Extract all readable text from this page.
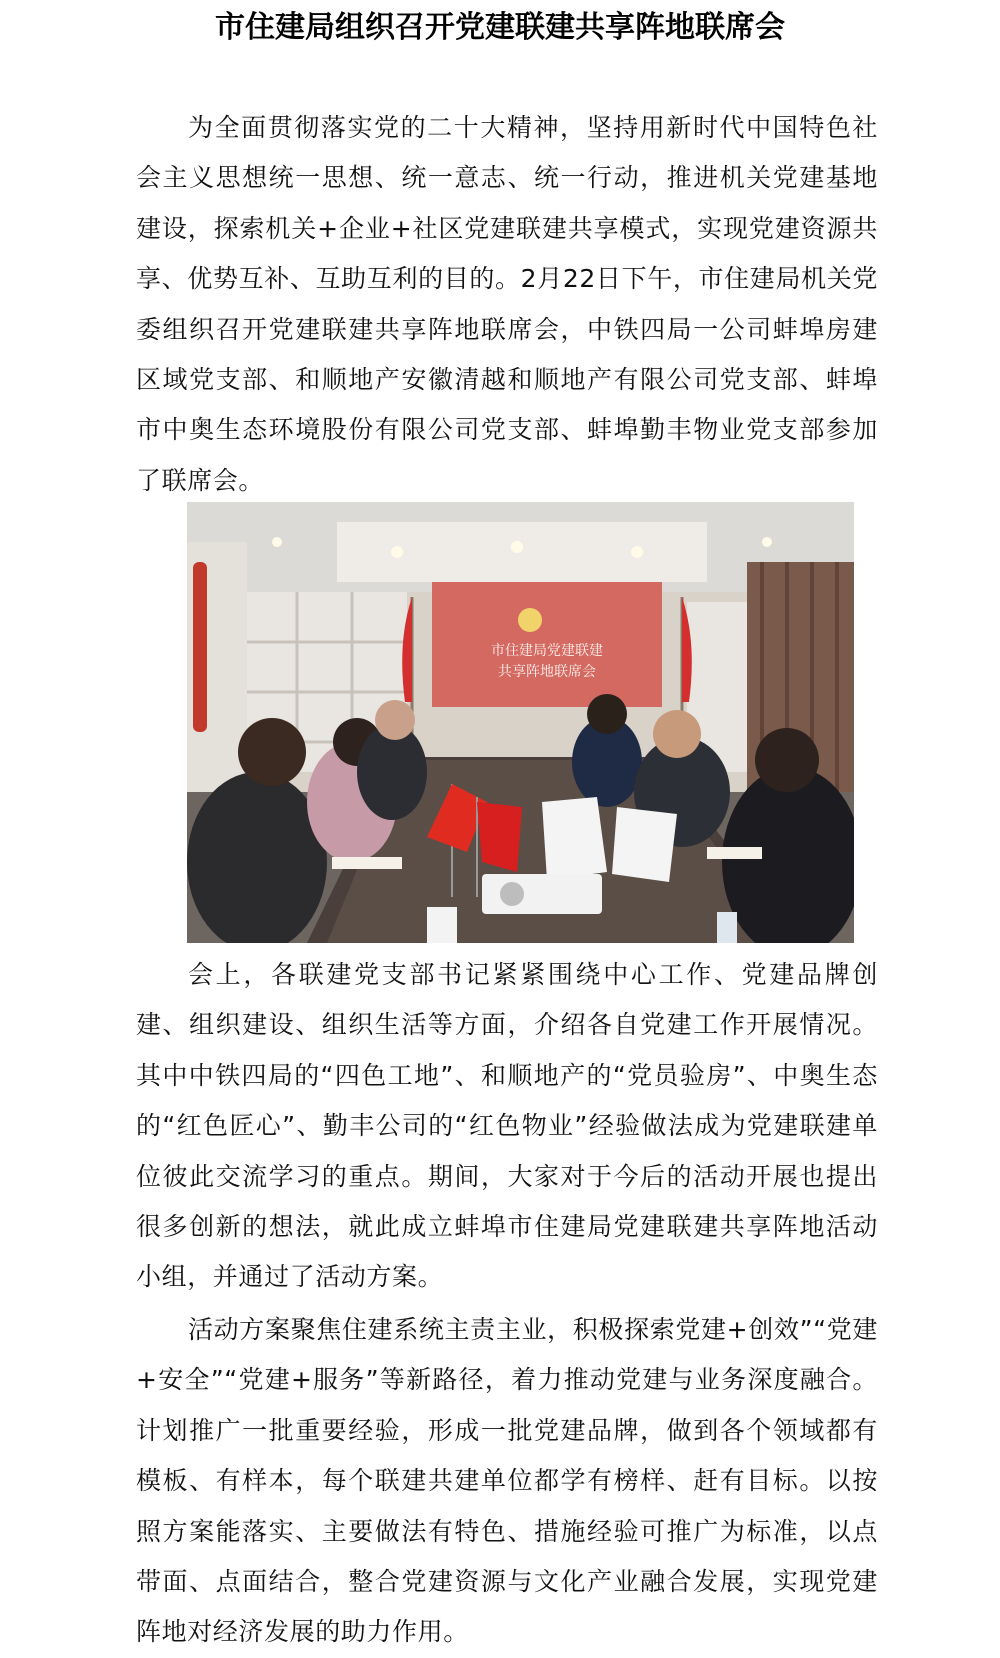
市住建局组织召开党建联建共享阵地联席会
为全面贯彻落实党的二十大精神，坚持用新时代中国特色社会主义思想统一思想、统一意志、统一行动，推进机关党建基地建设，探索机关+企业+社区党建联建共享模式，实现党建资源共享、优势互补、互助互利的目的。2月22日下午，市住建局机关党委组织召开党建联建共享阵地联席会，中铁四局一公司蚌埠房建区域党支部、和顺地产安徽清越和顺地产有限公司党支部、蚌埠市中奥生态环境股份有限公司党支部、蚌埠勤丰物业党支部参加了联席会。
市住建局党建联建
共享阵地联席会
会上，各联建党支部书记紧紧围绕中心工作、党建品牌创建、组织建设、组织生活等方面，介绍各自党建工作开展情况。其中中铁四局的“四色工地”、和顺地产的“党员验房”、中奥生态的“红色匠心”、勤丰公司的“红色物业”经验做法成为党建联建单位彼此交流学习的重点。期间，大家对于今后的活动开展也提出很多创新的想法，就此成立蚌埠市住建局党建联建共享阵地活动小组，并通过了活动方案。
活动方案聚焦住建系统主责主业，积极探索党建+创效”“党建+安全”“党建+服务”等新路径，着力推动党建与业务深度融合。计划推广一批重要经验，形成一批党建品牌，做到各个领域都有模板、有样本，每个联建共建单位都学有榜样、赶有目标。以按照方案能落实、主要做法有特色、措施经验可推广为标准，以点带面、点面结合，整合党建资源与文化产业融合发展，实现党建阵地对经济发展的助力作用。
